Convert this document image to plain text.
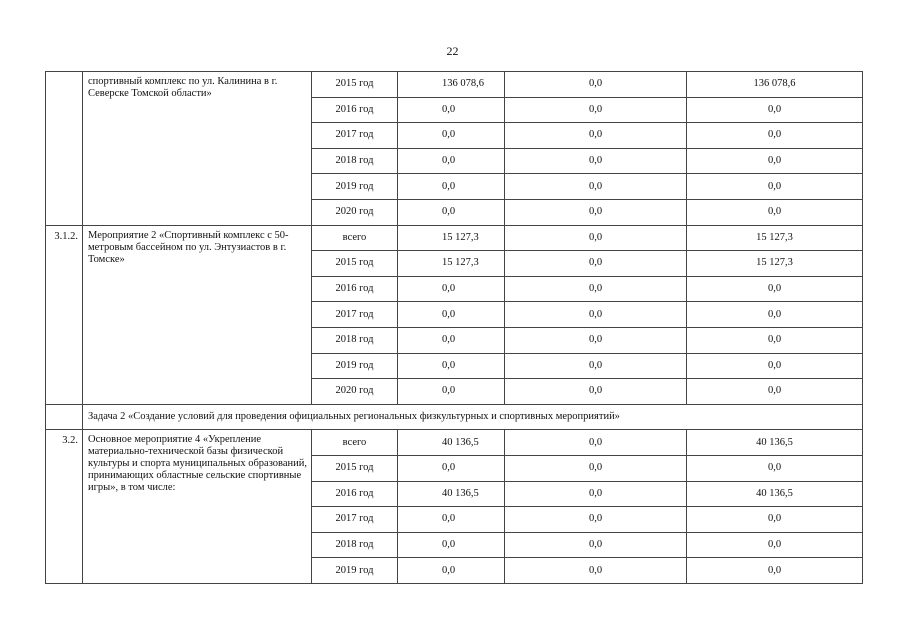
22
	спортивный комплекс по ул. Калинина в г. Северске Томской области»	2015 год	136 078,6	0,0	136 078,6
		2016 год	0,0	0,0	0,0
		2017 год	0,0	0,0	0,0
		2018 год	0,0	0,0	0,0
		2019 год	0,0	0,0	0,0
		2020 год	0,0	0,0	0,0
3.1.2.	Мероприятие 2 «Спортивный комплекс с 50-метровым бассейном по ул. Энтузиастов в г. Томске»	всего	15 127,3	0,0	15 127,3
		2015 год	15 127,3	0,0	15 127,3
		2016 год	0,0	0,0	0,0
		2017 год	0,0	0,0	0,0
		2018 год	0,0	0,0	0,0
		2019 год	0,0	0,0	0,0
		2020 год	0,0	0,0	0,0
	Задача 2 «Создание условий для проведения официальных региональных физкультурных и спортивных мероприятий»				
3.2.	Основное мероприятие 4 «Укрепление материально-технической базы физической культуры и спорта муниципальных образований, принимающих областные сельские спортивные игры», в том числе:	всего	40 136,5	0,0	40 136,5
		2015 год	0,0	0,0	0,0
		2016 год	40 136,5	0,0	40 136,5
		2017 год	0,0	0,0	0,0
		2018 год	0,0	0,0	0,0
		2019 год	0,0	0,0	0,0
